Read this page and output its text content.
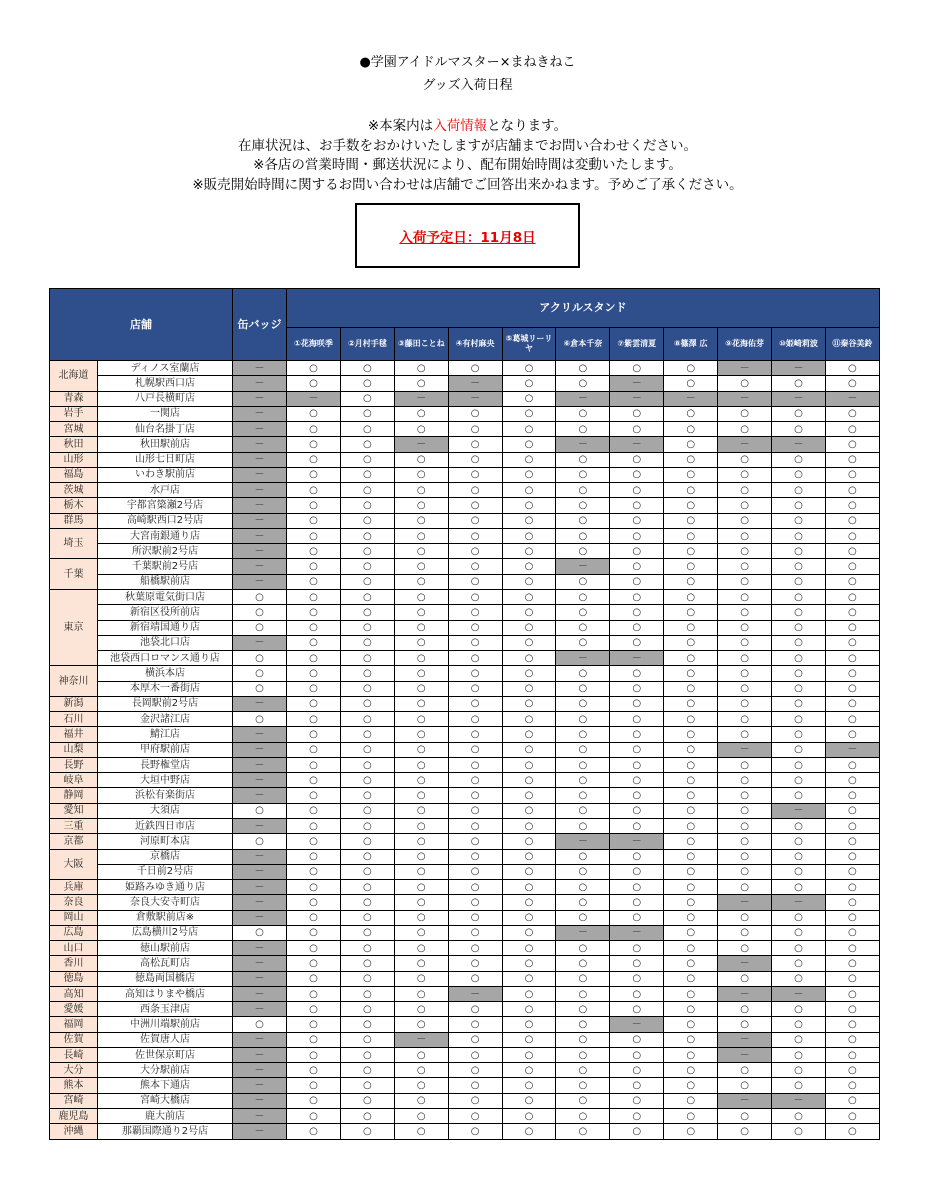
●学園アイドルマスター×まねきねこ
グッズ入荷日程
※本案内は入荷情報となります。
在庫状況は、お手数をおかけいたしますが店舗までお問い合わせください。
※各店の営業時間・郵送状況により、配布開始時間は変動いたします。
※販売開始時間に関するお問い合わせは店舗でご回答出来かねます。予めご了承ください。
入荷予定日：11月8日
店舗		缶バッジ	アクリルスタンド										
			①花海咲季	②月村手毬	③藤田ことね	④有村麻央	⑤葛城リーリヤ	⑥倉本千奈	⑦紫雲清夏	⑧篠澤 広	⑨花海佑芽	⑩姫崎莉波	⑪秦谷美鈴
北海道	ディノス室蘭店	－	○	○	○	○	○	○	○	○	－	－	○
	札幌駅西口店	－	○	○	○	－	○	○	－	○	○	○	○
青森	八戸長横町店	－	－	○	－	－	○	－	－	－	－	－	－
岩手	一関店	－	○	○	○	○	○	○	○	○	○	○	○
宮城	仙台名掛丁店	－	○	○	○	○	○	○	○	○	○	○	○
秋田	秋田駅前店	－	○	○	－	○	○	－	－	○	－	－	○
山形	山形七日町店	－	○	○	○	○	○	○	○	○	○	○	○
福島	いわき駅前店	－	○	○	○	○	○	○	○	○	○	○	○
茨城	水戸店	－	○	○	○	○	○	○	○	○	○	○	○
栃木	宇都宮簗瀬2号店	－	○	○	○	○	○	○	○	○	○	○	○
群馬	高崎駅西口2号店	－	○	○	○	○	○	○	○	○	○	○	○
埼玉	大宮南銀通り店	－	○	○	○	○	○	○	○	○	○	○	○
	所沢駅前2号店	－	○	○	○	○	○	○	○	○	○	○	○
千葉	千葉駅前2号店	－	○	○	○	○	○	－	○	○	○	○	○
	船橋駅前店	－	○	○	○	○	○	○	○	○	○	○	○
東京	秋葉原電気街口店	○	○	○	○	○	○	○	○	○	○	○	○
	新宿区役所前店	○	○	○	○	○	○	○	○	○	○	○	○
	新宿靖国通り店	○	○	○	○	○	○	○	○	○	○	○	○
	池袋北口店	－	○	○	○	○	○	○	○	○	○	○	○
	池袋西口ロマンス通り店	○	○	○	○	○	○	－	－	○	○	○	○
神奈川	横浜本店	○	○	○	○	○	○	○	○	○	○	○	○
	本厚木一番街店	○	○	○	○	○	○	○	○	○	○	○	○
新潟	長岡駅前2号店	－	○	○	○	○	○	○	○	○	○	○	○
石川	金沢諸江店	○	○	○	○	○	○	○	○	○	○	○	○
福井	鯖江店	－	○	○	○	○	○	○	○	○	○	○	○
山梨	甲府駅前店	－	○	○	○	○	○	○	○	○	－	○	－
長野	長野権堂店	－	○	○	○	○	○	○	○	○	○	○	○
岐阜	大垣中野店	－	○	○	○	○	○	○	○	○	○	○	○
静岡	浜松有楽街店	－	○	○	○	○	○	○	○	○	○	○	○
愛知	大須店	○	○	○	○	○	○	○	○	○	○	－	○
三重	近鉄四日市店	－	○	○	○	○	○	○	○	○	○	○	○
京都	河原町本店	○	○	○	○	○	○	－	－	○	○	○	○
大阪	京橋店	－	○	○	○	○	○	○	○	○	○	○	○
	千日前2号店	－	○	○	○	○	○	○	○	○	○	○	○
兵庫	姫路みゆき通り店	－	○	○	○	○	○	○	○	○	○	○	○
奈良	奈良大安寺町店	－	○	○	○	○	○	○	○	○	－	－	○
岡山	倉敷駅前店※	－	○	○	○	○	○	○	○	○	○	○	○
広島	広島横川2号店	○	○	○	○	○	○	－	－	○	○	○	○
山口	徳山駅前店	－	○	○	○	○	○	○	○	○	○	○	○
香川	高松瓦町店	－	○	○	○	○	○	○	○	○	－	○	○
徳島	徳島両国橋店	－	○	○	○	○	○	○	○	○	○	○	○
高知	高知はりまや橋店	－	○	○	○	－	○	○	○	○	－	－	○
愛媛	西条玉津店	－	○	○	○	○	○	○	○	○	○	○	○
福岡	中洲川端駅前店	○	○	○	○	○	○	○	－	○	○	○	○
佐賀	佐賀唐人店	－	○	○	－	○	○	○	○	○	－	○	○
長崎	佐世保京町店	－	○	○	○	○	○	○	○	○	－	○	○
大分	大分駅前店	－	○	○	○	○	○	○	○	○	○	○	○
熊本	熊本下通店	－	○	○	○	○	○	○	○	○	○	○	○
宮崎	宮崎大橋店	－	○	○	○	○	○	○	○	○	－	－	○
鹿児島	鹿大前店	－	○	○	○	○	○	○	○	○	○	○	○
沖縄	那覇国際通り2号店	－	○	○	○	○	○	○	○	○	○	○	○
